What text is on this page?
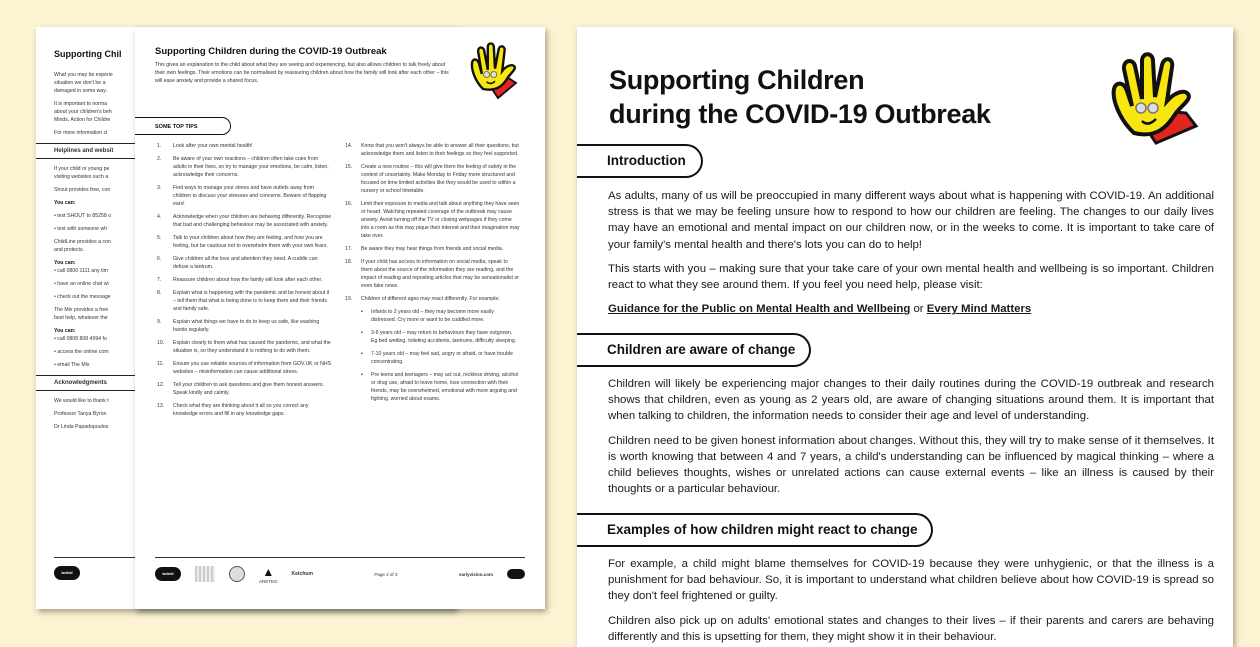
Supporting Chil

What you may be experie
situation we don't be a
damaged in some way.

It is important to norma
about your children's beh
Minds, Action for Childre

For more information cl

Helplines and websit

If your child or young pe
visiting websites such a

Shout provides free, con

You can:

• text SHOUT to 85258 o

• text with someone wh

ChildLine provides a con
and protects.

You can:
• call 0800 1111 any tim

• have an online chat wi

• check out the message

The Mix provides a free
best help, whatever the

You can:
• call 0808 808 4994 fo

• access the online com

• email The Mix

Acknowledgments

We would like to thank t

Professor Tanya Byron

Dr Linda Papadopoulos

twinkl
Supporting Children during the COVID-19 Outbreak
This gives an explanation to the child about what they are seeing and experiencing, but also allows children to talk freely about their own feelings. Their emotions can be normalised by reassuring children about how the family will look after each other – this will ease anxiety and provide a shared focus.
SOME TOP TIPS
1.	Look after your own mental health!
2.	Be aware of your own reactions – children often take cues from adults in their lives, so try to manage your emotions, be calm, listen, acknowledge their concerns.
3.	Find ways to manage your stress and have outlets away from children to discuss your stresses and concerns. Beware of flapping ears!
4.	Acknowledge when your children are behaving differently. Recognise that bad and challenging behaviour may be associated with anxiety.
5.	Talk to your children about how they are feeling, and how you are feeling, but be cautious not to overwhelm them with your own fears.
6.	Give children all the love and attention they need. A cuddle can defuse a tantrum.
7.	Reassure children about how the family will look after each other.
8.	Explain what is happening with the pandemic and be honest about it – tell them that what is being done is to keep them and their friends and family safe.
9.	Explain what things we have to do to keep us safe, like washing hands regularly.
10.	Explain clearly to them what has caused the pandemic, and what the situation is, so they understand it is nothing to do with them.
11.	Ensure you use reliable sources of information from GOV.UK or NHS websites – misinformation can cause additional stress.
12.	Tell your children to ask questions and give them honest answers. Speak kindly and calmly.
13.	Check what they are thinking about it all so you correct any knowledge errors and fill in any knowledge gaps.
14.	Know that you won't always be able to answer all their questions, but acknowledge them and listen to their feelings so they feel supported.
15.	Create a new routine – this will give them the feeling of safety in the context of uncertainty. Make Monday to Friday more structured and focused on time limited activities like they would be used to within a nursery or school timetable.
16.	Limit their exposure to media and talk about anything they have seen or heard. Watching repeated coverage of the outbreak may cause anxiety. Avoid turning off the TV or closing webpages if they come into a room as this may pique their interest and their imagination may take over.
17.	Be aware they may hear things from friends and social media.
18.	If your child has access to information on social media, speak to them about the source of the information they are reading, and the impact of reading and reposting articles that may be sensationalist or even fake news.
19.	Children of different ages may react differently. For example:
•	Infants to 2 years old – they may become more easily distressed. Cry more or want to be cuddled more.
•	3-6 years old – may return to behaviours they have outgrown. Eg bed wetting, toileting accidents, tantrums, difficulty sleeping.
•	7-10 years old – may feel sad, angry or afraid, or have trouble concentrating.
•	Pre teens and teenagers – may act out, reckless driving, alcohol or drug use, afraid to leave home, lose connection with their friends, may be overwhelmed, emotional with more arguing and fighting, worried about exams.
twinkl	▲
ARETEO
Ketchum	Page 2 of 3	earlyvision.com
Supporting Children
during the COVID-19 Outbreak
Introduction

As adults, many of us will be preoccupied in many different ways about what is happening with COVID-19. An additional stress is that we may be feeling unsure how to respond to how our children are feeling. The changes to our daily lives may have an emotional and mental impact on our children now, or in the weeks to come. It is important to take care of your family's mental health and there's lots you can do to help!

This starts with you – making sure that your take care of your own mental health and wellbeing is so important. Children react to what they see around them. If you feel you need help, please visit:

Guidance for the Public on Mental Health and Wellbeing or Every Mind Matters

Children are aware of change

Children will likely be experiencing major changes to their daily routines during the COVID-19 outbreak and research shows that children, even as young as 2 years old, are aware of changing situations around them. It is important that when talking to children, the information needs to consider their age and level of understanding.

Children need to be given honest information about changes. Without this, they will try to make sense of it themselves. It is worth knowing that between 4 and 7 years, a child's understanding can be influenced by magical thinking – where a child believes thoughts, wishes or unrelated actions can cause external events – like an illness is caused by their thoughts or a particular behaviour.

Examples of how children might react to change

For example, a child might blame themselves for COVID-19 because they were unhygienic, or that the illness is a punishment for bad behaviour. So, it is important to understand what children believe about how COVID-19 is spread so they don't feel frightened or guilty.

Children also pick up on adults' emotional states and changes to their lives – if their parents and carers are behaving differently and this is upsetting for them, they might show it in their behaviour.
